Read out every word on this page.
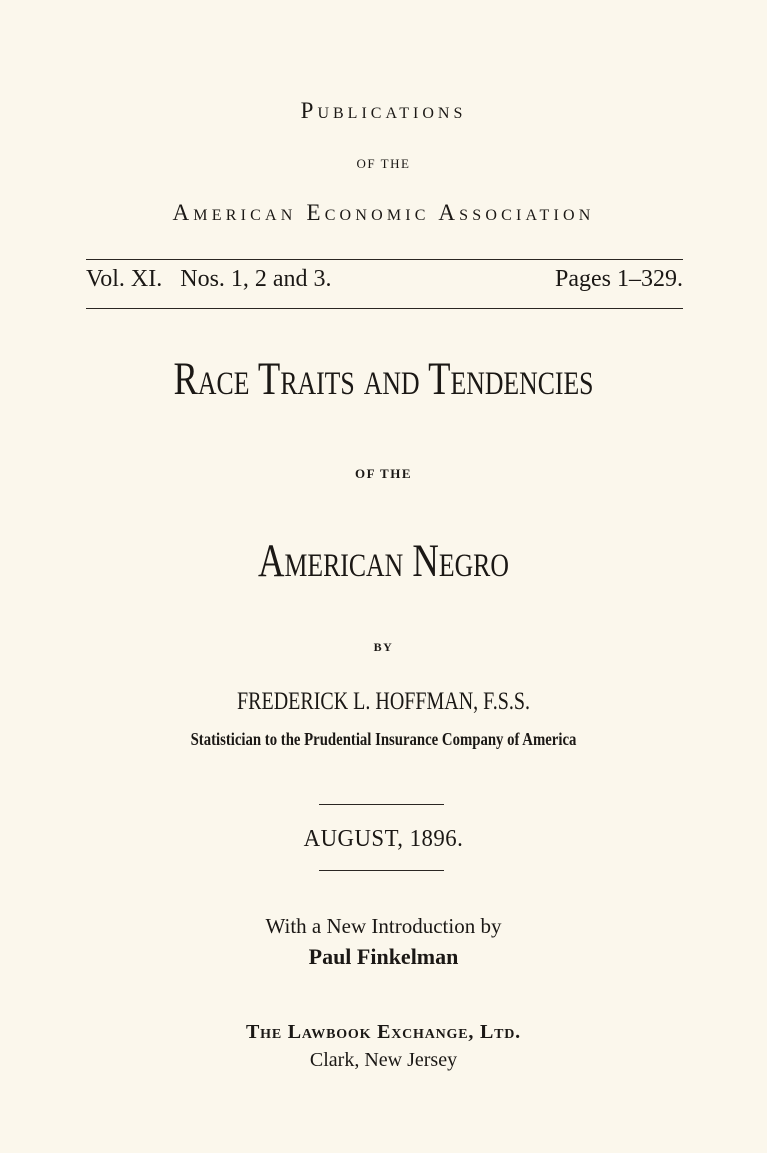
Publications
OF THE
American Economic Association
Vol. XI. Nos. 1, 2 and 3.	Pages 1–329.
Race Traits and Tendencies
OF THE
American Negro
BY
FREDERICK L. HOFFMAN, F.S.S.
Statistician to the Prudential Insurance Company of America
AUGUST, 1896.
With a New Introduction by
Paul Finkelman
The Lawbook Exchange, Ltd.
Clark, New Jersey
